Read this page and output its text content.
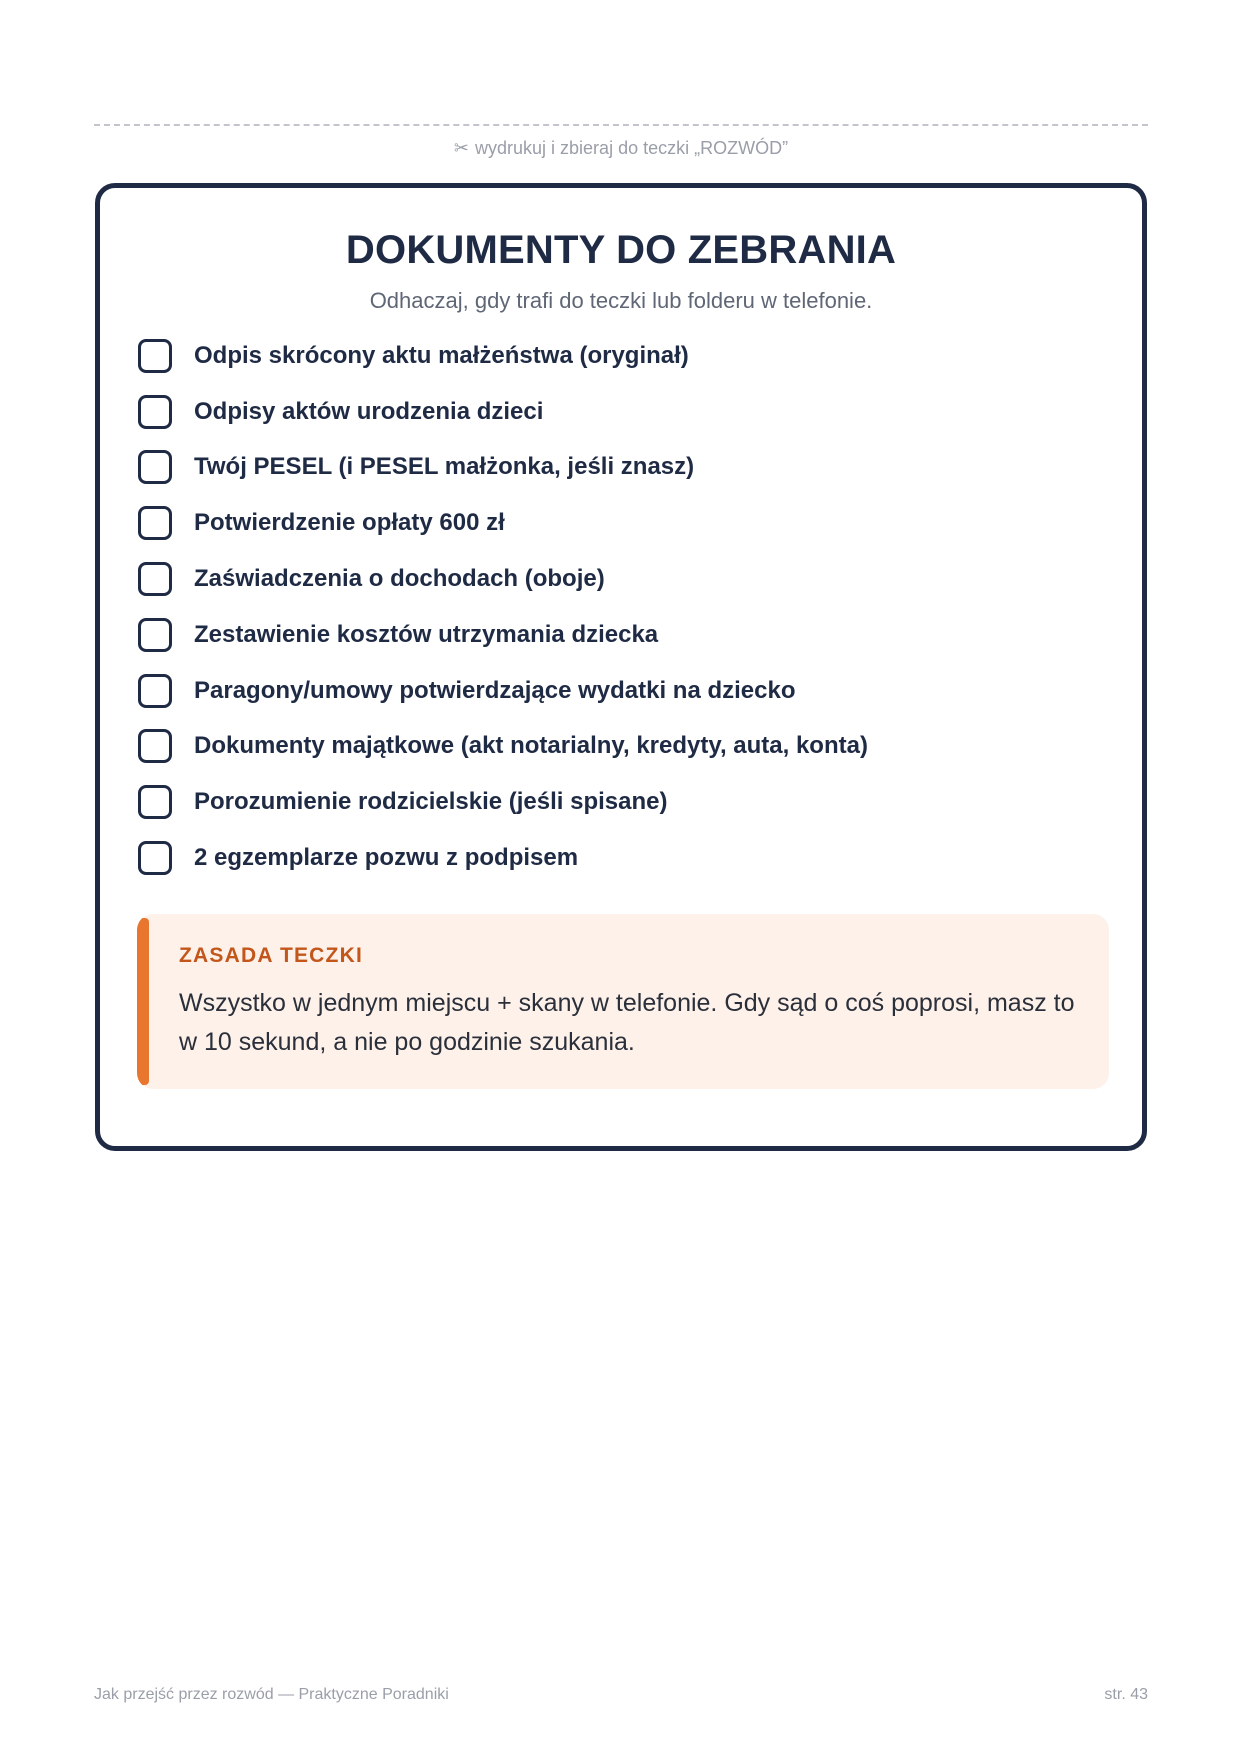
✂ wydrukuj i zbieraj do teczki „ROZWÓD”
DOKUMENTY DO ZEBRANIA
Odhaczaj, gdy trafi do teczki lub folderu w telefonie.
Odpis skrócony aktu małżeństwa (oryginał)
Odpisy aktów urodzenia dzieci
Twój PESEL (i PESEL małżonka, jeśli znasz)
Potwierdzenie opłaty 600 zł
Zaświadczenia o dochodach (oboje)
Zestawienie kosztów utrzymania dziecka
Paragony/umowy potwierdzające wydatki na dziecko
Dokumenty majątkowe (akt notarialny, kredyty, auta, konta)
Porozumienie rodzicielskie (jeśli spisane)
2 egzemplarze pozwu z podpisem
ZASADA TECZKI
Wszystko w jednym miejscu + skany w telefonie. Gdy sąd o coś poprosi, masz to w 10 sekund, a nie po godzinie szukania.
Jak przejść przez rozwód — Praktyczne Poradniki	str. 43
